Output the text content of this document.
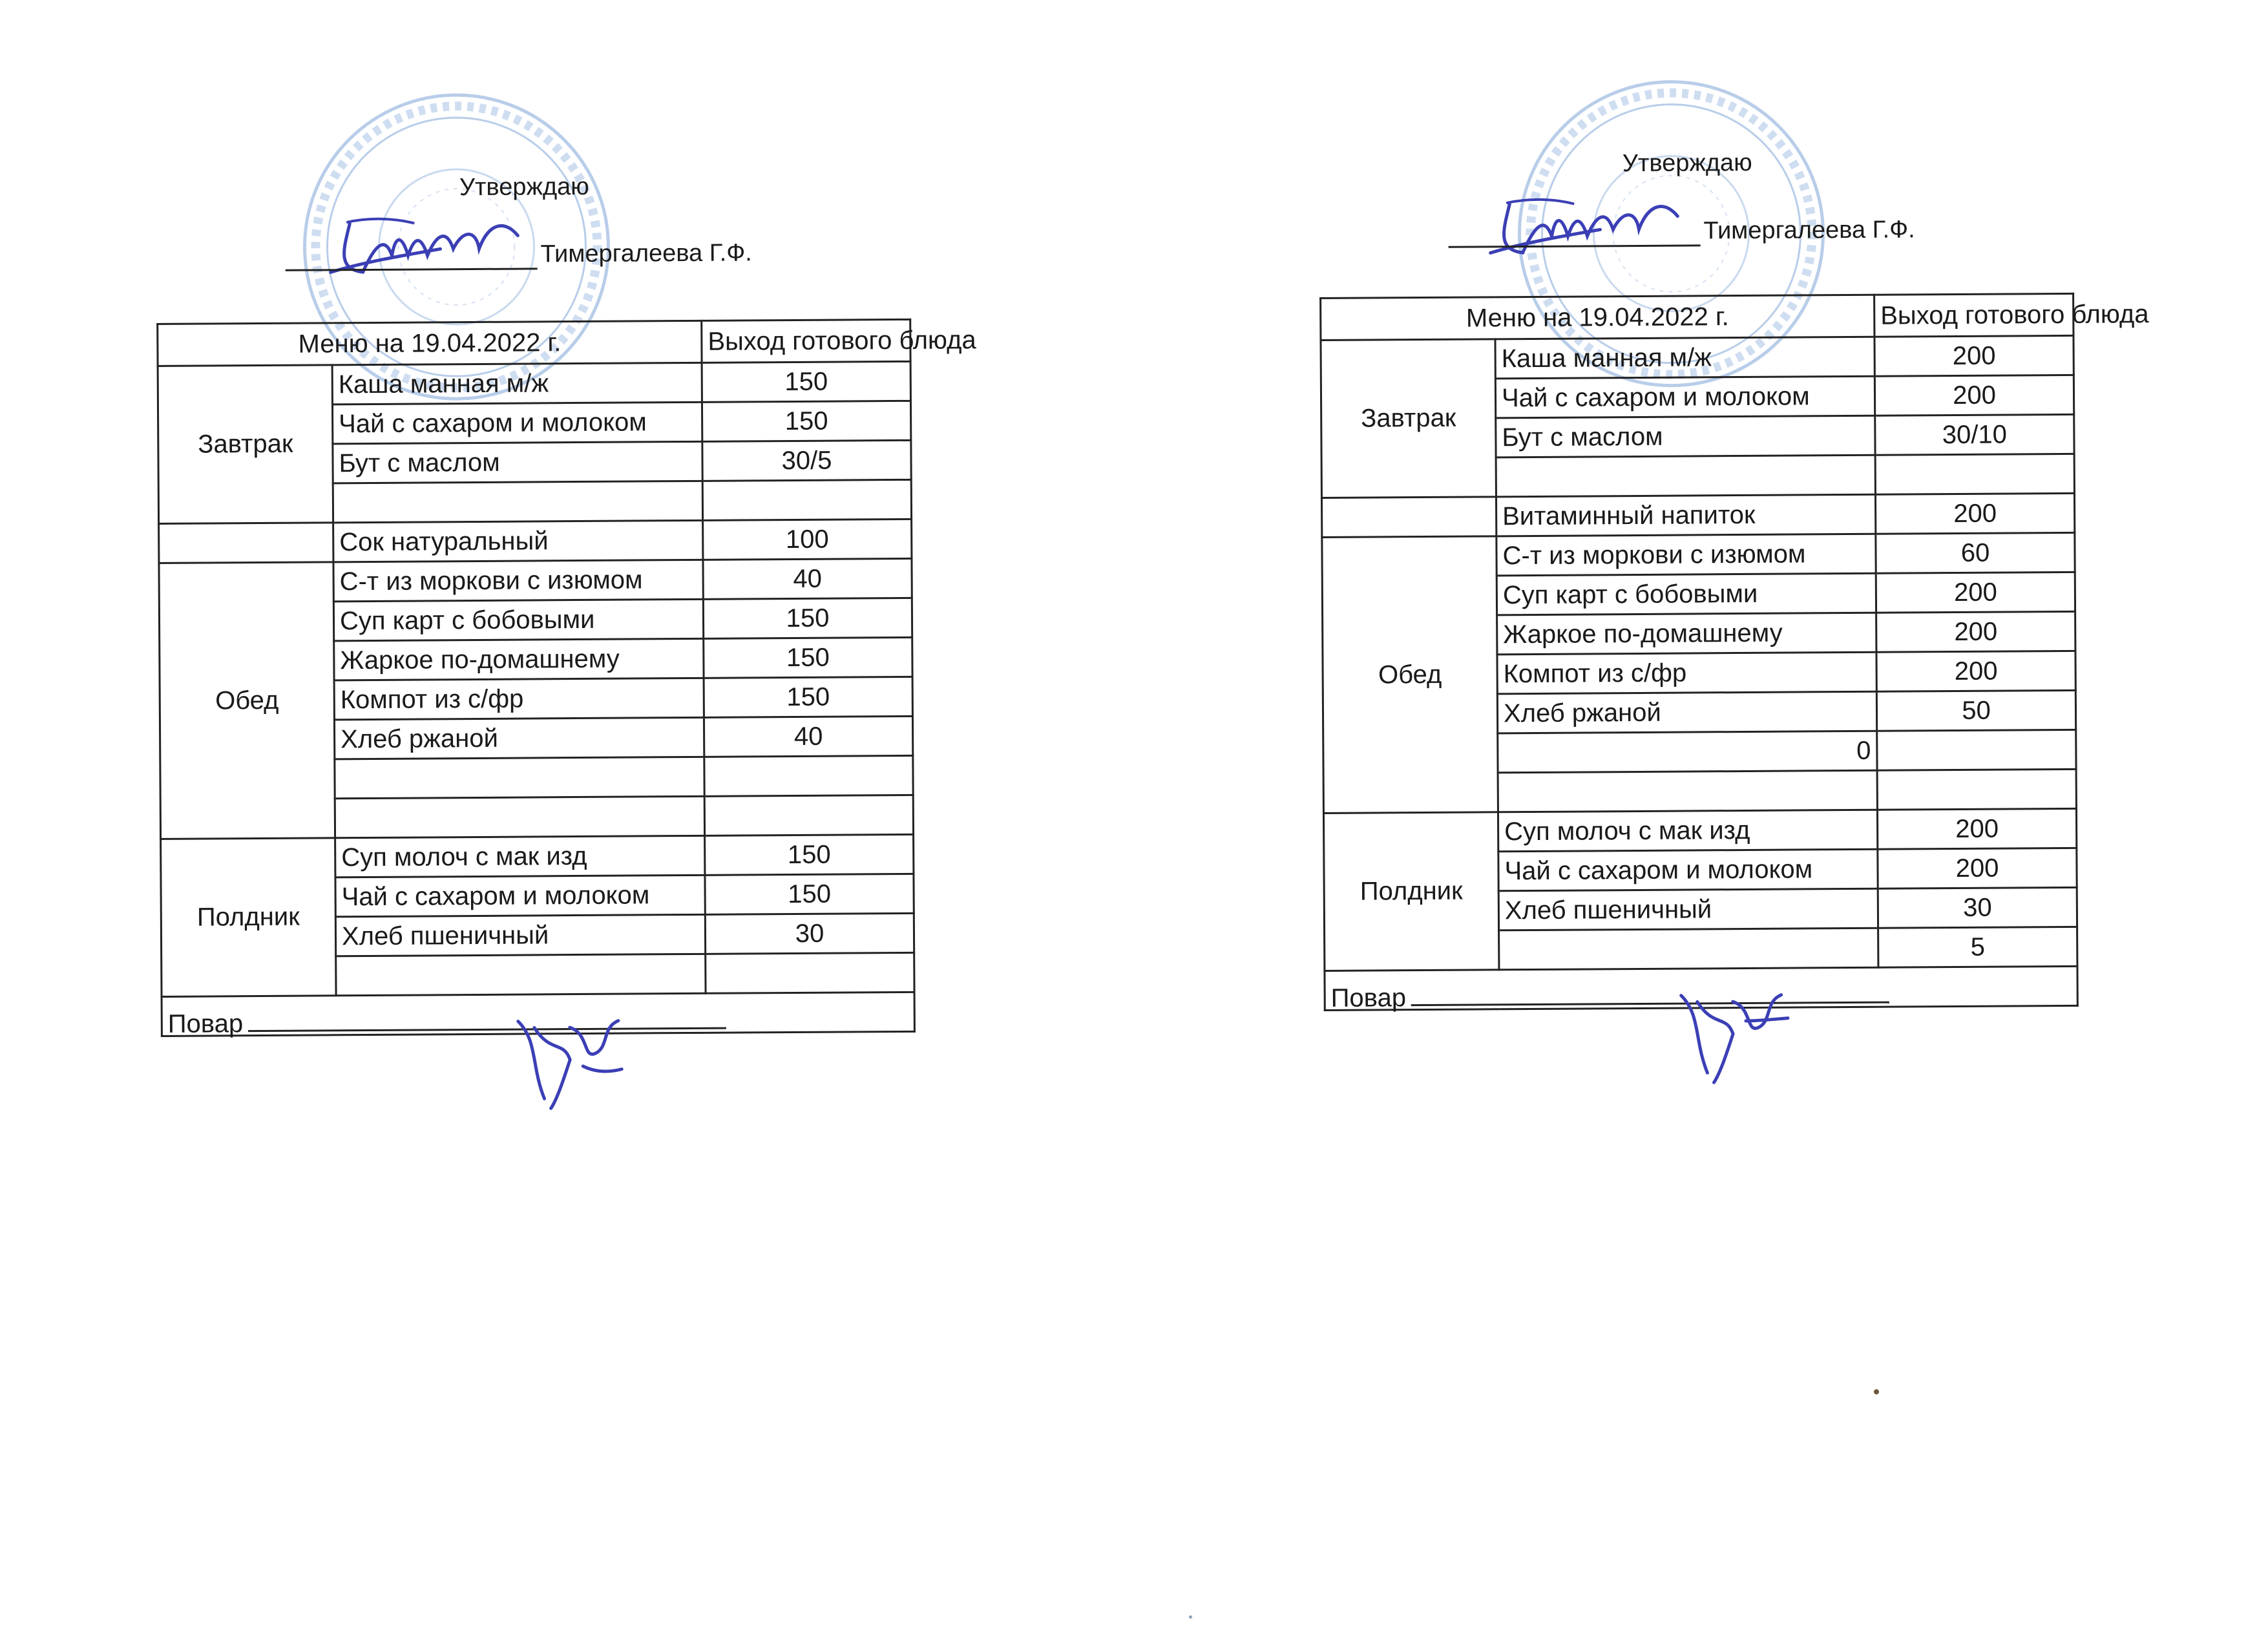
Утверждаю
Тимергалеева Г.Ф.
Меню на 19.04.2022 г.		Выход готового блюда
Завтрак	Каша манная м/ж	150
	Чай с сахаром и молоком	150
	Бут с маслом	30/5

	Сок натуральный	100
Обед	С-т из моркови с изюмом	40
	Суп карт с бобовыми	150
	Жаркое по-домашнему	150
	Компот из с/фр	150
	Хлеб ржаной	40

Полдник	Суп молоч с мак изд	150
	Чай с сахаром и молоком	150
	Хлеб пшеничный	30

Повар		
Утверждаю
Тимергалеева Г.Ф.
Меню на 19.04.2022 г.		Выход готового блюда
Завтрак	Каша манная м/ж	200
	Чай с сахаром и молоком	200
	Бут с маслом	30/10

	Витаминный напиток	200
Обед	С-т из моркови с изюмом	60
	Суп карт с бобовыми	200
	Жаркое по-домашнему	200
	Компот из с/фр	200
	Хлеб ржаной	50
	0	

Полдник	Суп молоч с мак изд	200
	Чай с сахаром и молоком	200
	Хлеб пшеничный	30
		5
Повар		
